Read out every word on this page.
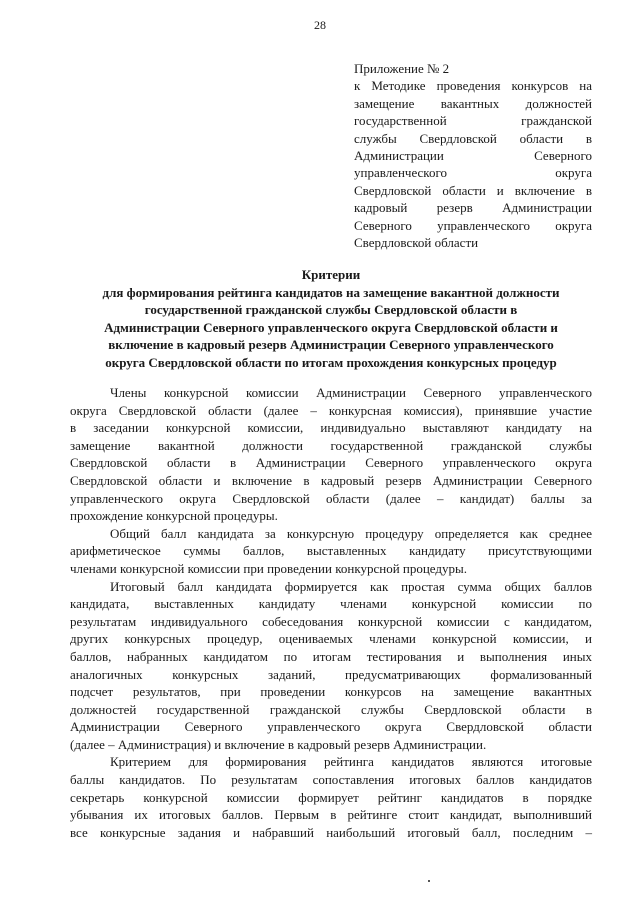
28
Приложение № 2
к Методике проведения конкурсов на
замещение вакантных должностей
государственной гражданской
службы Свердловской области в
Администрации Северного
управленческого округа
Свердловской области и включение в
кадровый резерв Администрации
Северного управленческого округа
Свердловской области
Критерии
для формирования рейтинга кандидатов на замещение вакантной должности
государственной гражданской службы Свердловской области в
Администрации Северного управленческого округа Свердловской области и
включение в кадровый резерв Администрации Северного управленческого
округа Свердловской области по итогам прохождения конкурсных процедур
Члены конкурсной комиссии Администрации Северного управленческого
округа Свердловской области (далее – конкурсная комиссия), принявшие участие
в заседании конкурсной комиссии, индивидуально выставляют кандидату на
замещение вакантной должности государственной гражданской службы
Свердловской области в Администрации Северного управленческого округа
Свердловской области и включение в кадровый резерв Администрации Северного
управленческого округа Свердловской области (далее – кандидат) баллы за
прохождение конкурсной процедуры.
Общий балл кандидата за конкурсную процедуру определяется как среднее
арифметическое суммы баллов, выставленных кандидату присутствующими
членами конкурсной комиссии при проведении конкурсной процедуры.
Итоговый балл кандидата формируется как простая сумма общих баллов
кандидата, выставленных кандидату членами конкурсной комиссии по
результатам индивидуального собеседования конкурсной комиссии с кандидатом,
других конкурсных процедур, оцениваемых членами конкурсной комиссии, и
баллов, набранных кандидатом по итогам тестирования и выполнения иных
аналогичных конкурсных заданий, предусматривающих формализованный
подсчет результатов, при проведении конкурсов на замещение вакантных
должностей государственной гражданской службы Свердловской области в
Администрации Северного управленческого округа Свердловской области
(далее – Администрация) и включение в кадровый резерв Администрации.
Критерием для формирования рейтинга кандидатов являются итоговые
баллы кандидатов. По результатам сопоставления итоговых баллов кандидатов
секретарь конкурсной комиссии формирует рейтинг кандидатов в порядке
убывания их итоговых баллов. Первым в рейтинге стоит кандидат, выполнивший
все конкурсные задания и набравший наибольший итоговый балл, последним –
